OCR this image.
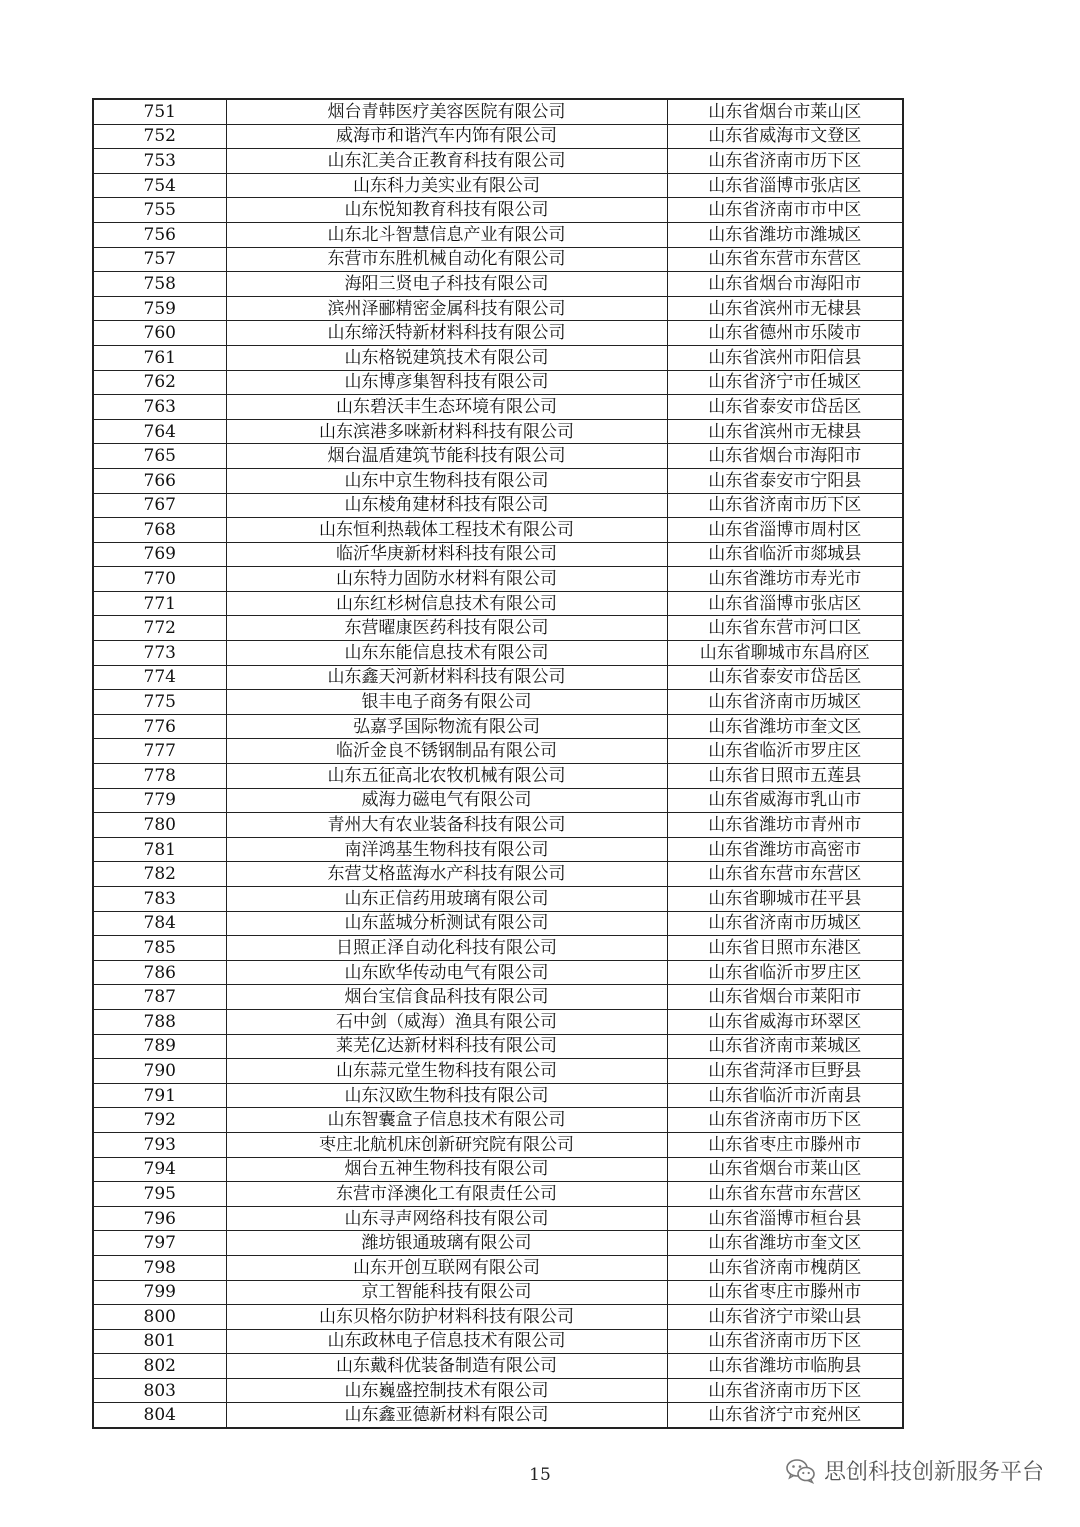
751	烟台青韩医疗美容医院有限公司	山东省烟台市莱山区
752	威海市和谐汽车内饰有限公司	山东省威海市文登区
753	山东汇美合正教育科技有限公司	山东省济南市历下区
754	山东科力美实业有限公司	山东省淄博市张店区
755	山东悦知教育科技有限公司	山东省济南市市中区
756	山东北斗智慧信息产业有限公司	山东省潍坊市潍城区
757	东营市东胜机械自动化有限公司	山东省东营市东营区
758	海阳三贤电子科技有限公司	山东省烟台市海阳市
759	滨州泽郦精密金属科技有限公司	山东省滨州市无棣县
760	山东缔沃特新材料科技有限公司	山东省德州市乐陵市
761	山东格锐建筑技术有限公司	山东省滨州市阳信县
762	山东博彦集智科技有限公司	山东省济宁市任城区
763	山东碧沃丰生态环境有限公司	山东省泰安市岱岳区
764	山东滨港多咪新材料科技有限公司	山东省滨州市无棣县
765	烟台温盾建筑节能科技有限公司	山东省烟台市海阳市
766	山东中京生物科技有限公司	山东省泰安市宁阳县
767	山东棱角建材科技有限公司	山东省济南市历下区
768	山东恒利热载体工程技术有限公司	山东省淄博市周村区
769	临沂华庚新材料科技有限公司	山东省临沂市郯城县
770	山东特力固防水材料有限公司	山东省潍坊市寿光市
771	山东红杉树信息技术有限公司	山东省淄博市张店区
772	东营曜康医药科技有限公司	山东省东营市河口区
773	山东东能信息技术有限公司	山东省聊城市东昌府区
774	山东鑫天河新材料科技有限公司	山东省泰安市岱岳区
775	银丰电子商务有限公司	山东省济南市历城区
776	弘嘉孚国际物流有限公司	山东省潍坊市奎文区
777	临沂金良不锈钢制品有限公司	山东省临沂市罗庄区
778	山东五征高北农牧机械有限公司	山东省日照市五莲县
779	威海力磁电气有限公司	山东省威海市乳山市
780	青州大有农业装备科技有限公司	山东省潍坊市青州市
781	南洋鸿基生物科技有限公司	山东省潍坊市高密市
782	东营艾格蓝海水产科技有限公司	山东省东营市东营区
783	山东正信药用玻璃有限公司	山东省聊城市茌平县
784	山东蓝城分析测试有限公司	山东省济南市历城区
785	日照正泽自动化科技有限公司	山东省日照市东港区
786	山东欧华传动电气有限公司	山东省临沂市罗庄区
787	烟台宝信食品科技有限公司	山东省烟台市莱阳市
788	石中剑（威海）渔具有限公司	山东省威海市环翠区
789	莱芜亿达新材料科技有限公司	山东省济南市莱城区
790	山东蒜元堂生物科技有限公司	山东省菏泽市巨野县
791	山东汉欧生物科技有限公司	山东省临沂市沂南县
792	山东智囊盒子信息技术有限公司	山东省济南市历下区
793	枣庄北航机床创新研究院有限公司	山东省枣庄市滕州市
794	烟台五神生物科技有限公司	山东省烟台市莱山区
795	东营市泽澳化工有限责任公司	山东省东营市东营区
796	山东寻声网络科技有限公司	山东省淄博市桓台县
797	潍坊银通玻璃有限公司	山东省潍坊市奎文区
798	山东开创互联网有限公司	山东省济南市槐荫区
799	京工智能科技有限公司	山东省枣庄市滕州市
800	山东贝格尔防护材料科技有限公司	山东省济宁市梁山县
801	山东政林电子信息技术有限公司	山东省济南市历下区
802	山东戴科优装备制造有限公司	山东省潍坊市临朐县
803	山东巍盛控制技术有限公司	山东省济南市历下区
804	山东鑫亚德新材料有限公司	山东省济宁市兖州区
15	思创科技创新服务平台
